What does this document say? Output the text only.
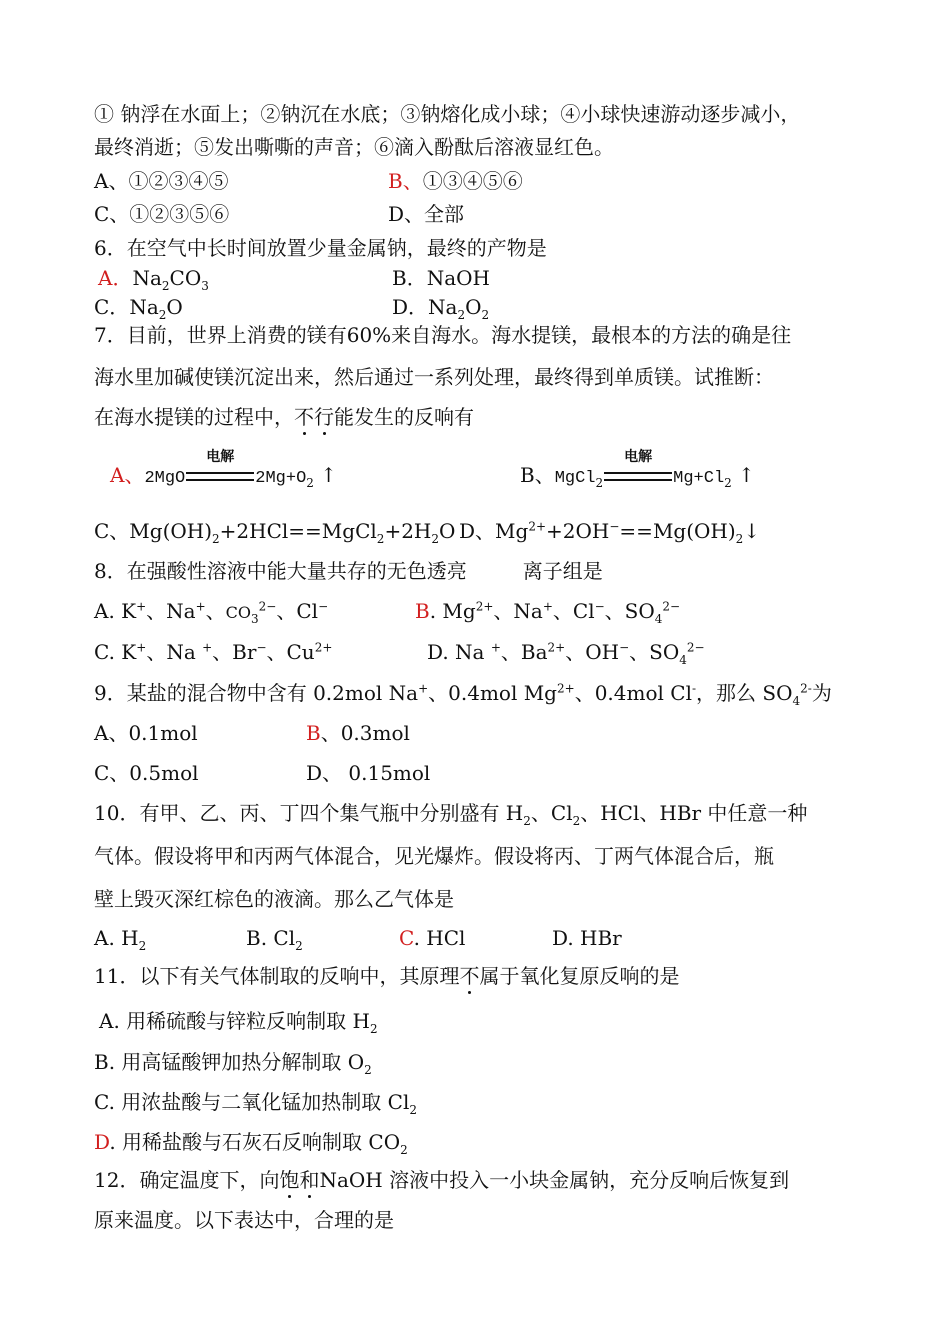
① 钠浮在水面上；②钠沉在水底；③钠熔化成小球；④小球快速游动逐步减小，
最终消逝；⑤发出嘶嘶的声音；⑥滴入酚酞后溶液显红色。
A、①②③④⑤	B、①③④⑤⑥
C、①②③⑤⑥	D、全部
6．在空气中长时间放置少量金属钠，最终的产物是
A．$Na_2CO_3$	B．NaOH
C．$Na_2O$	D．$Na_2O_2$
7．目前，世界上消费的镁有60%来自海水。海水提镁，最根本的方法的确是往
海水里加碱使镁沉淀出来，然后通过一系列处理，最终得到单质镁。试推断：
在海水提镁的过程中，不行能发生的反响有
A、2MgO
电解
$2Mg+O_2$ ↑	B、MgCl$_2$
电解
$Mg+Cl_2$ ↑
C、$Mg(OH)_2+2HCl==MgCl_2+2H_2O$ D、$Mg^{2+}+2OH^-==Mg(OH)_2↓$
8．在强酸性溶液中能大量共存的无色透亮	离子组是
A. K+、Na+、$CO_3^{2-}$、Cl−	B. $Mg^{2+}$、Na+、Cl−、$SO_4^{2-}$
C. K+、Na +、Br−、$Cu^{2+}$	D. Na +、$Ba^{2+}$、OH−、$SO_4^{2-}$
9．某盐的混合物中含有 0.2mol Na+、0.4mol $Mg^{2+}$、0.4mol Cl-，那么 $SO_4^{2-}$为
A、0.1mol	B、0.3mol
C、0.5mol	D、 0.15mol
10．有甲、乙、丙、丁四个集气瓶中分别盛有 $H_2$、$Cl_2$、HCl、HBr 中任意一种
气体。假设将甲和丙两气体混合，见光爆炸。假设将丙、丁两气体混合后，瓶
壁上毁灭深红棕色的液滴。那么乙气体是
A. $H_2$	B. $Cl_2$	C. HCl	D. HBr
11．以下有关气体制取的反响中，其原理不属于氧化复原反响的是
A. 用稀硫酸与锌粒反响制取 $H_2$
B. 用高锰酸钾加热分解制取 $O_2$
C. 用浓盐酸与二氧化锰加热制取 $Cl_2$
D. 用稀盐酸与石灰石反响制取 $CO_2$
12．确定温度下，向饱和NaOH 溶液中投入一小块金属钠，充分反响后恢复到
原来温度。以下表达中，合理的是
